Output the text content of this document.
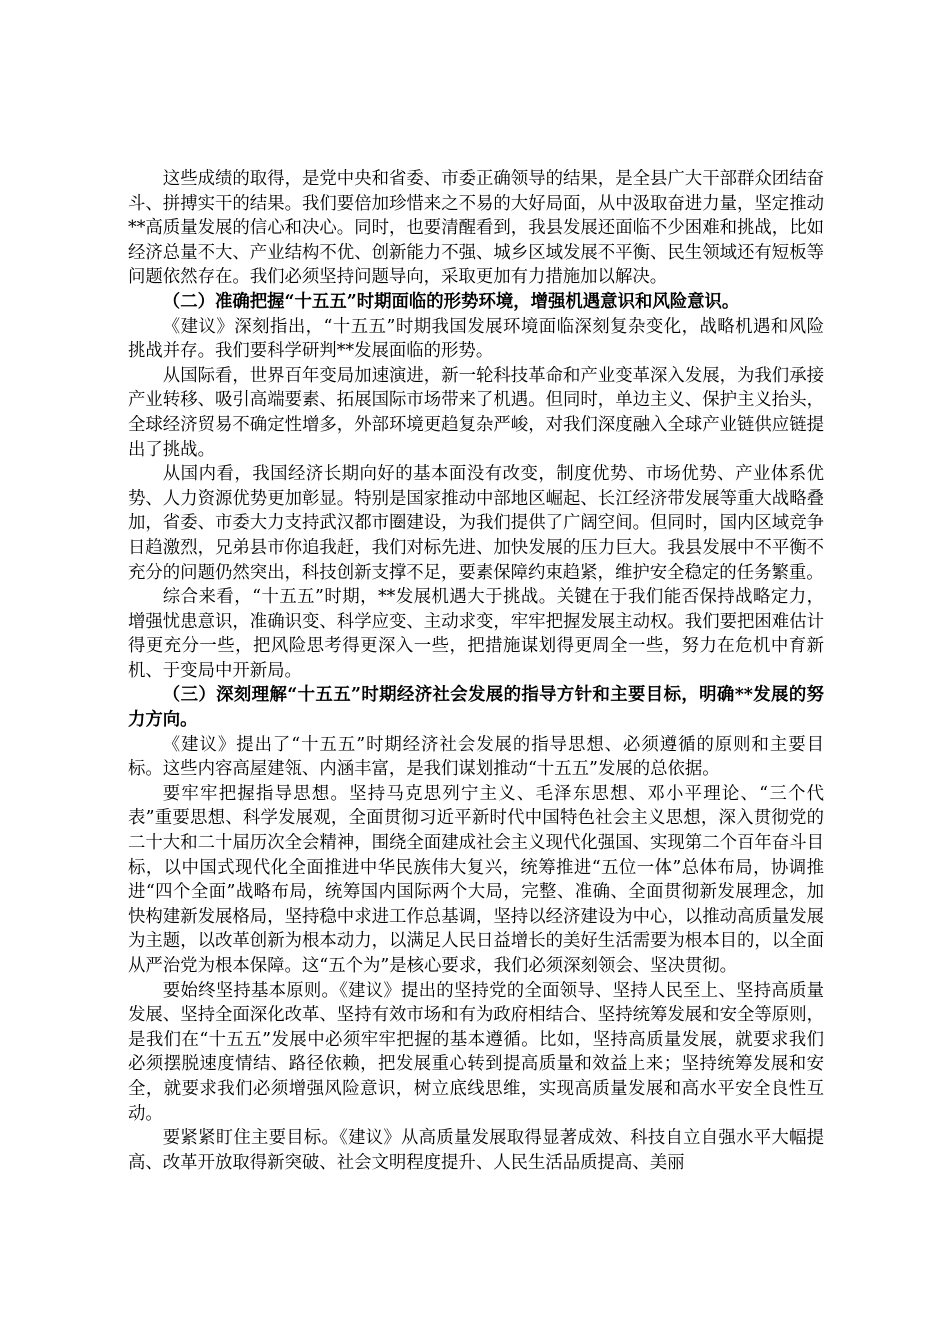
这些成绩的取得，是党中央和省委、市委正确领导的结果，是全县广大干部群众团结奋斗、拼搏实干的结果。我们要倍加珍惜来之不易的大好局面，从中汲取奋进力量，坚定推动**高质量发展的信心和决心。同时，也要清醒看到，我县发展还面临不少困难和挑战，比如经济总量不大、产业结构不优、创新能力不强、城乡区域发展不平衡、民生领域还有短板等问题依然存在。我们必须坚持问题导向，采取更加有力措施加以解决。

（二）准确把握“十五五”时期面临的形势环境，增强机遇意识和风险意识。

《建议》深刻指出，“十五五”时期我国发展环境面临深刻复杂变化，战略机遇和风险挑战并存。我们要科学研判**发展面临的形势。

从国际看，世界百年变局加速演进，新一轮科技革命和产业变革深入发展，为我们承接产业转移、吸引高端要素、拓展国际市场带来了机遇。但同时，单边主义、保护主义抬头，全球经济贸易不确定性增多，外部环境更趋复杂严峻，对我们深度融入全球产业链供应链提出了挑战。

从国内看，我国经济长期向好的基本面没有改变，制度优势、市场优势、产业体系优势、人力资源优势更加彰显。特别是国家推动中部地区崛起、长江经济带发展等重大战略叠加，省委、市委大力支持武汉都市圈建设，为我们提供了广阔空间。但同时，国内区域竞争日趋激烈，兄弟县市你追我赶，我们对标先进、加快发展的压力巨大。我县发展中不平衡不充分的问题仍然突出，科技创新支撑不足，要素保障约束趋紧，维护安全稳定的任务繁重。

综合来看，“十五五”时期，**发展机遇大于挑战。关键在于我们能否保持战略定力，增强忧患意识，准确识变、科学应变、主动求变，牢牢把握发展主动权。我们要把困难估计得更充分一些，把风险思考得更深入一些，把措施谋划得更周全一些，努力在危机中育新机、于变局中开新局。

（三）深刻理解“十五五”时期经济社会发展的指导方针和主要目标，明确**发展的努力方向。

《建议》提出了“十五五”时期经济社会发展的指导思想、必须遵循的原则和主要目标。这些内容高屋建瓴、内涵丰富，是我们谋划推动“十五五”发展的总依据。

要牢牢把握指导思想。坚持马克思列宁主义、毛泽东思想、邓小平理论、“三个代表”重要思想、科学发展观，全面贯彻习近平新时代中国特色社会主义思想，深入贯彻党的二十大和二十届历次全会精神，围绕全面建成社会主义现代化强国、实现第二个百年奋斗目标，以中国式现代化全面推进中华民族伟大复兴，统筹推进“五位一体”总体布局，协调推进“四个全面”战略布局，统筹国内国际两个大局，完整、准确、全面贯彻新发展理念，加快构建新发展格局，坚持稳中求进工作总基调，坚持以经济建设为中心，以推动高质量发展为主题，以改革创新为根本动力，以满足人民日益增长的美好生活需要为根本目的，以全面从严治党为根本保障。这“五个为”是核心要求，我们必须深刻领会、坚决贯彻。

要始终坚持基本原则。《建议》提出的坚持党的全面领导、坚持人民至上、坚持高质量发展、坚持全面深化改革、坚持有效市场和有为政府相结合、坚持统筹发展和安全等原则，是我们在“十五五”发展中必须牢牢把握的基本遵循。比如，坚持高质量发展，就要求我们必须摆脱速度情结、路径依赖，把发展重心转到提高质量和效益上来；坚持统筹发展和安全，就要求我们必须增强风险意识，树立底线思维，实现高质量发展和高水平安全良性互动。

要紧紧盯住主要目标。《建议》从高质量发展取得显著成效、科技自立自强水平大幅提高、改革开放取得新突破、社会文明程度提升、人民生活品质提高、美丽
